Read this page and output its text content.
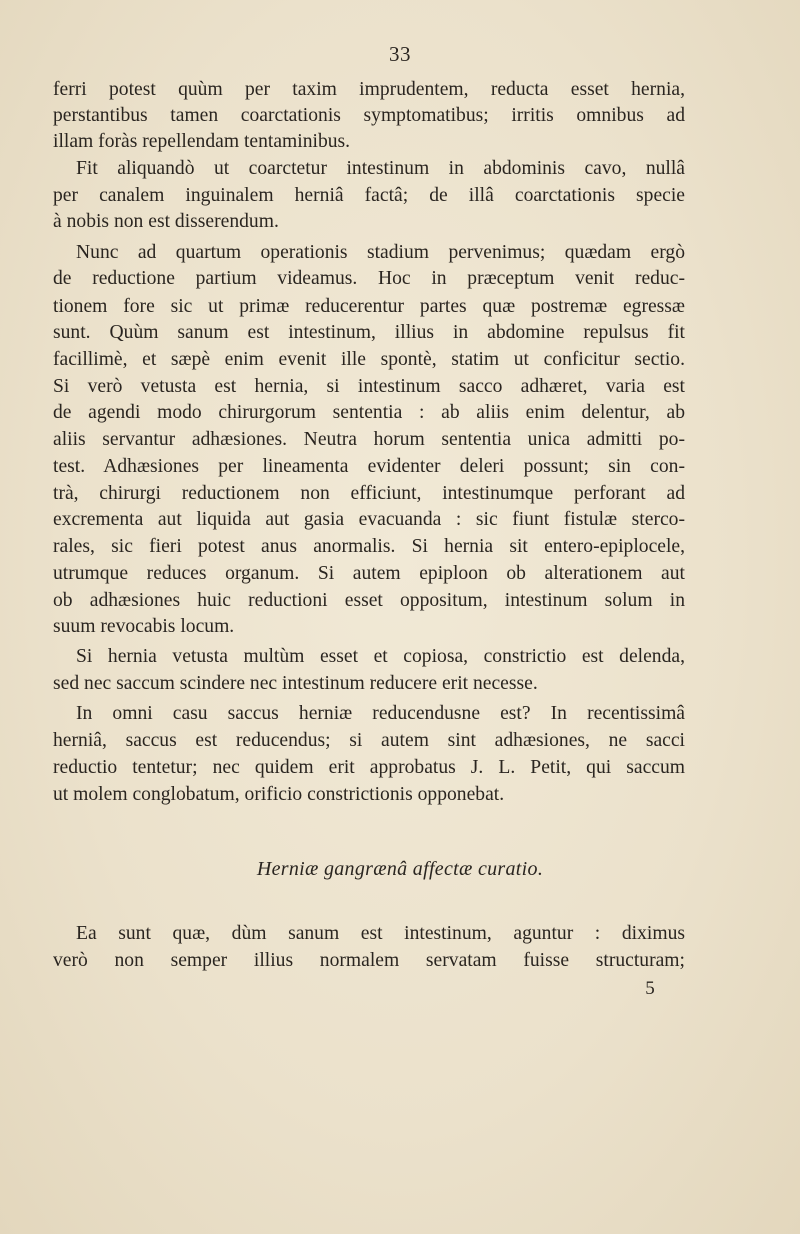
33
ferri potest quùm per taxim imprudentem, reducta esset hernia,
perstantibus tamen coarctationis symptomatibus; irritis omnibus ad
illam foràs repellendam tentaminibus.
Fit aliquandò ut coarctetur intestinum in abdominis cavo, nullâ
per canalem inguinalem herniâ factâ; de illâ coarctationis specie
à nobis non est disserendum.
Nunc ad quartum operationis stadium pervenimus; quædam ergò
de reductione partium videamus. Hoc in præceptum venit reduc-
tionem fore sic ut primæ reducerentur partes quæ postremæ egressæ
sunt. Quùm sanum est intestinum, illius in abdomine repulsus fit
facillimè, et sæpè enim evenit ille spontè, statim ut conficitur sectio.
Si verò vetusta est hernia, si intestinum sacco adhæret, varia est
de agendi modo chirurgorum sententia : ab aliis enim delentur, ab
aliis servantur adhæsiones. Neutra horum sententia unica admitti po-
test. Adhæsiones per lineamenta evidenter deleri possunt; sin con-
trà, chirurgi reductionem non efficiunt, intestinumque perforant ad
excrementa aut liquida aut gasia evacuanda : sic fiunt fistulæ sterco-
rales, sic fieri potest anus anormalis. Si hernia sit entero-epiplocele,
utrumque reduces organum. Si autem epiploon ob alterationem aut
ob adhæsiones huic reductioni esset oppositum, intestinum solum in
suum revocabis locum.
Si hernia vetusta multùm esset et copiosa, constrictio est delenda,
sed nec saccum scindere nec intestinum reducere erit necesse.
In omni casu saccus herniæ reducendusne est? In recentissimâ
herniâ, saccus est reducendus; si autem sint adhæsiones, ne sacci
reductio tentetur; nec quidem erit approbatus J. L. Petit, qui saccum
ut molem conglobatum, orificio constrictionis opponebat.
Herniæ gangrænâ affectæ curatio.
Ea sunt quæ, dùm sanum est intestinum, aguntur : diximus
verò non semper illius normalem servatam fuisse structuram;
5
